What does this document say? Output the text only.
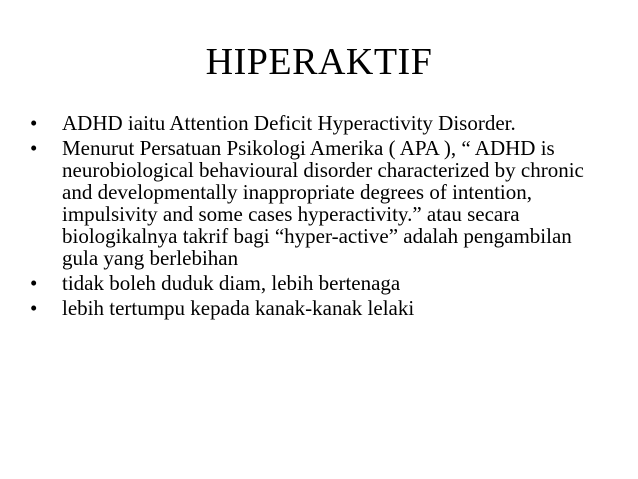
HIPERAKTIF
•	ADHD iaitu Attention Deficit Hyperactivity Disorder.
•	Menurut Persatuan Psikologi Amerika ( APA ), “ ADHD is neurobiological behavioural disorder characterized by chronic and developmentally inappropriate degrees of intention, impulsivity and some cases hyperactivity.” atau secara biologikalnya takrif bagi “hyper-active” adalah pengambilan gula yang berlebihan
•	tidak boleh duduk diam, lebih bertenaga
•	lebih tertumpu kepada kanak-kanak lelaki
